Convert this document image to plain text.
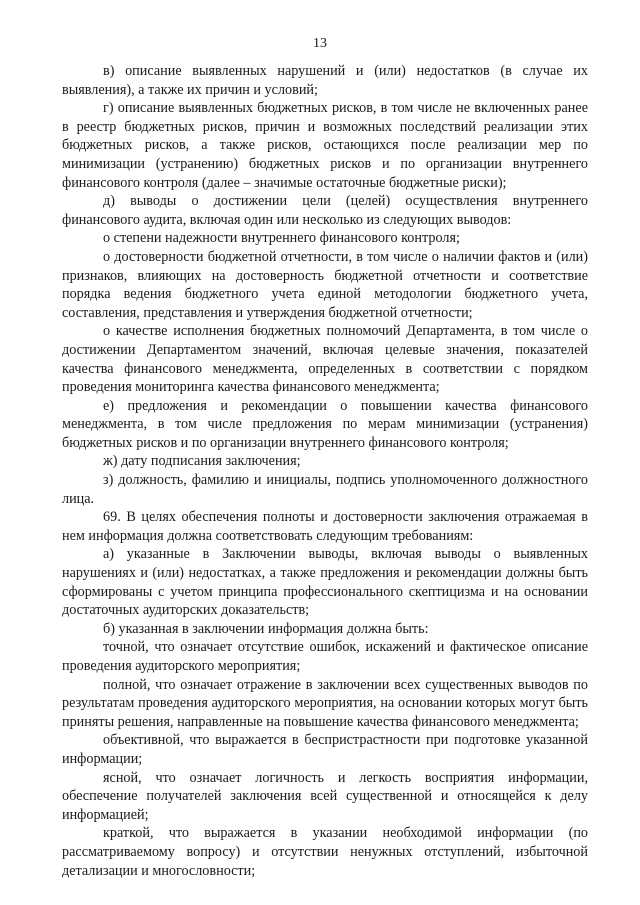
13

в) описание выявленных нарушений и (или) недостатков (в случае их выявления), а также их причин и условий;

г) описание выявленных бюджетных рисков, в том числе не включенных ранее в реестр бюджетных рисков, причин и возможных последствий реализации этих бюджетных рисков, а также рисков, остающихся после реализации мер по минимизации (устранению) бюджетных рисков и по организации внутреннего финансового контроля (далее – значимые остаточные бюджетные риски);

д) выводы о достижении цели (целей) осуществления внутреннего финансового аудита, включая один или несколько из следующих выводов:

о степени надежности внутреннего финансового контроля;

о достоверности бюджетной отчетности, в том числе о наличии фактов и (или) признаков, влияющих на достоверность бюджетной отчетности и соответствие порядка ведения бюджетного учета единой методологии бюджетного учета, составления, представления и утверждения бюджетной отчетности;

о качестве исполнения бюджетных полномочий Департамента, в том числе о достижении Департаментом значений, включая целевые значения, показателей качества финансового менеджмента, определенных в соответствии с порядком проведения мониторинга качества финансового менеджмента;

е) предложения и рекомендации о повышении качества финансового менеджмента, в том числе предложения по мерам минимизации (устранения) бюджетных рисков и по организации внутреннего финансового контроля;

ж) дату подписания заключения;

з) должность, фамилию и инициалы, подпись уполномоченного должностного лица.

69. В целях обеспечения полноты и достоверности заключения отражаемая в нем информация должна соответствовать следующим требованиям:

а) указанные в Заключении выводы, включая выводы о выявленных нарушениях и (или) недостатках, а также предложения и рекомендации должны быть сформированы с учетом принципа профессионального скептицизма и на основании достаточных аудиторских доказательств;

б) указанная в заключении информация должна быть:

точной, что означает отсутствие ошибок, искажений и фактическое описание проведения аудиторского мероприятия;

полной, что означает отражение в заключении всех существенных выводов по результатам проведения аудиторского мероприятия, на основании которых могут быть приняты решения, направленные на повышение качества финансового менеджмента;

объективной, что выражается в беспристрастности при подготовке указанной информации;

ясной, что означает логичность и легкость восприятия информации, обеспечение получателей заключения всей существенной и относящейся к делу информацией;

краткой, что выражается в указании необходимой информации (по рассматриваемому вопросу) и отсутствии ненужных отступлений, избыточной детализации и многословности;
